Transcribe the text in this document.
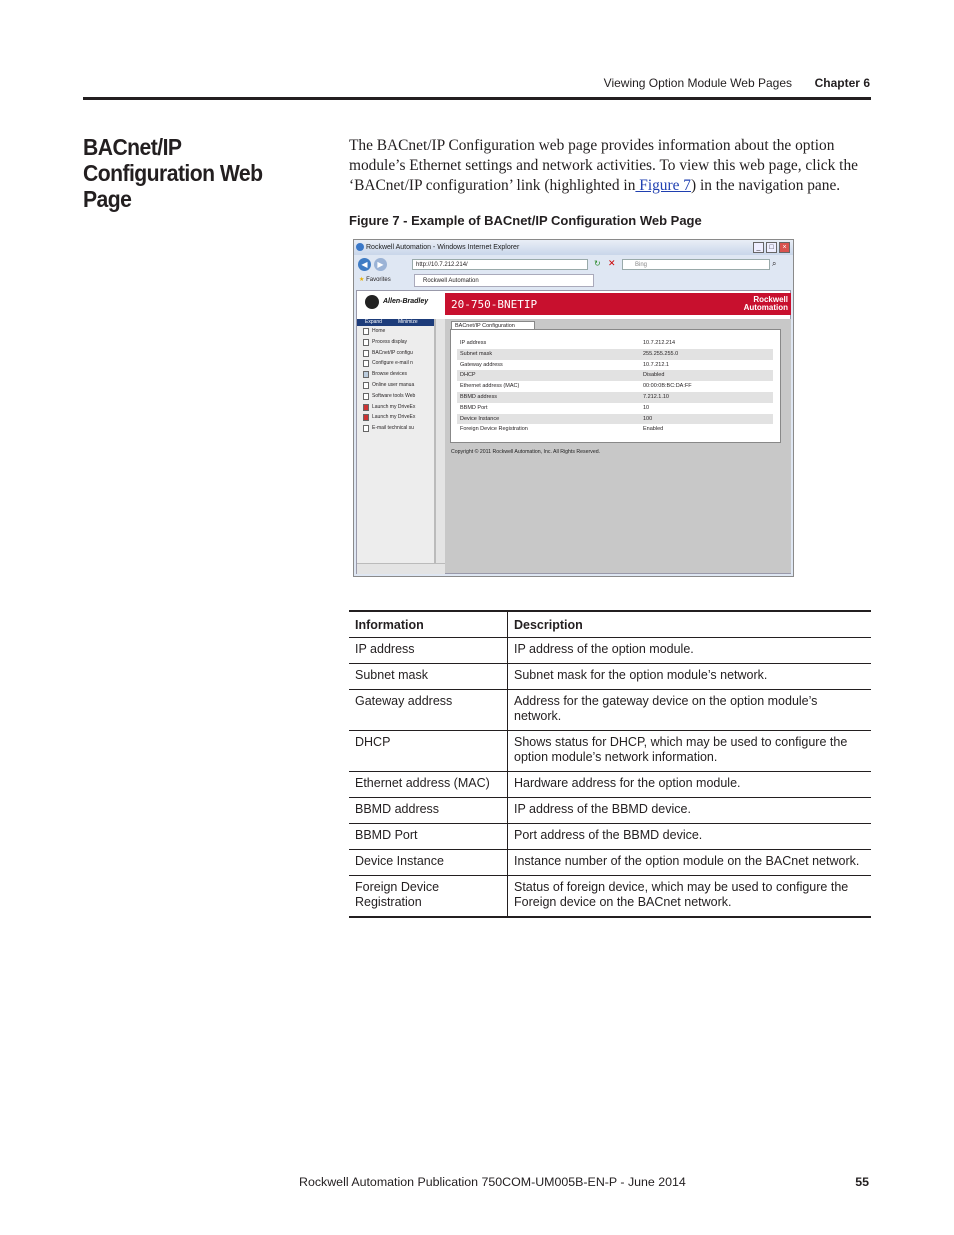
Viewing Option Module Web Pages Chapter 6
BACnet/IP Configuration Web Page

The BACnet/IP Configuration web page provides information about the option module’s Ethernet settings and network activities. To view this web page, click the ‘BACnet/IP configuration’ link (highlighted in Figure 7) in the navigation pane.

Figure 7 - Example of BACnet/IP Configuration Web Page
Rockwell Automation - Windows Internet Explorer	_	□	×
◀	▶	http://10.7.212.214/	↻ ✕	Bing	⌕
★ Favorites	Rockwell Automation
Allen-Bradley	20-750-BNETIP	Rockwell
Automation
Expand	Minimize
Home
Process display
BACnet/IP configu
Configure e-mail n
Browse devices
Online user manua
Software tools Web
Launch my DriveEx
Launch my DriveEx
E-mail technical su
BACnet/IP Configuration
IP address	10.7.212.214
Subnet mask	255.255.255.0
Gateway address	10.7.212.1
DHCP	Disabled
Ethernet address (MAC)	00:00:0B:BC:DA:FF
BBMD address	7.212.1.10
BBMD Port	10
Device Instance	100
Foreign Device Registration	Enabled
Copyright © 2011 Rockwell Automation, Inc. All Rights Reserved.
Information	Description
IP address	IP address of the option module.
Subnet mask	Subnet mask for the option module’s network.
Gateway address	Address for the gateway device on the option module’s network.
DHCP	Shows status for DHCP, which may be used to configure the option module’s network information.
Ethernet address (MAC)	Hardware address for the option module.
BBMD address	IP address of the BBMD device.
BBMD Port	Port address of the BBMD device.
Device Instance	Instance number of the option module on the BACnet network.
Foreign Device Registration	Status of foreign device, which may be used to configure the Foreign device on the BACnet network.
Rockwell Automation Publication 750COM-UM005B-EN-P - June 2014	55
